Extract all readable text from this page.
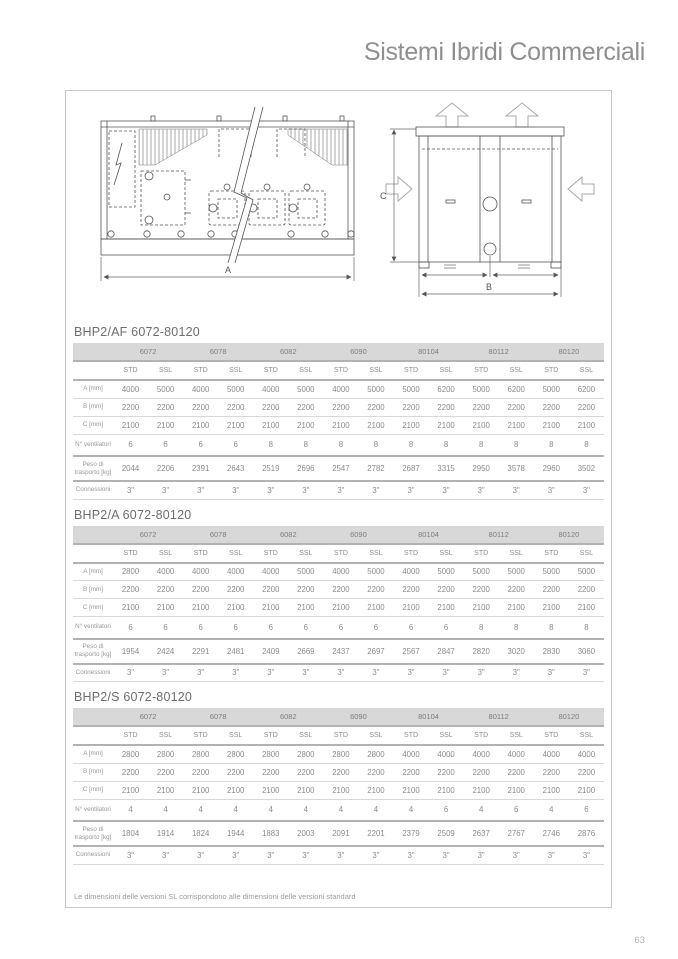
Sistemi Ibridi Commerciali
A
C
B
BHP2/AF 6072-80120
	6072		6078		6082		6090		80104		80112		80120	
	STD	SSL	STD	SSL	STD	SSL	STD	SSL	STD	SSL	STD	SSL	STD	SSL
A [mm]	4000	5000	4000	5000	4000	5000	4000	5000	5000	6200	5000	6200	5000	6200
B [mm]	2200	2200	2200	2200	2200	2200	2200	2200	2200	2200	2200	2200	2200	2200
C [mm]	2100	2100	2100	2100	2100	2100	2100	2100	2100	2100	2100	2100	2100	2100
N° ventilatori	6	6	6	6	8	8	8	8	8	8	8	8	8	8
Peso di trasporto [kg]	2044	2206	2391	2643	2519	2696	2547	2782	2687	3315	2950	3578	2960	3502
Connessioni	3"	3"	3"	3"	3"	3"	3"	3"	3"	3"	3"	3"	3"	3"
BHP2/A 6072-80120
	6072		6078		6082		6090		80104		80112		80120	
	STD	SSL	STD	SSL	STD	SSL	STD	SSL	STD	SSL	STD	SSL	STD	SSL
A [mm]	2800	4000	4000	4000	4000	5000	4000	5000	4000	5000	5000	5000	5000	5000
B [mm]	2200	2200	2200	2200	2200	2200	2200	2200	2200	2200	2200	2200	2200	2200
C [mm]	2100	2100	2100	2100	2100	2100	2100	2100	2100	2100	2100	2100	2100	2100
N° ventilatori	6	6	6	6	6	6	6	6	6	6	8	8	8	8
Peso di trasporto [kg]	1954	2424	2291	2481	2409	2669	2437	2697	2567	2847	2820	3020	2830	3060
Connessioni	3"	3"	3"	3"	3"	3"	3"	3"	3"	3"	3"	3"	3"	3"
BHP2/S 6072-80120
	6072		6078		6082		6090		80104		80112		80120	
	STD	SSL	STD	SSL	STD	SSL	STD	SSL	STD	SSL	STD	SSL	STD	SSL
A [mm]	2800	2800	2800	2800	2800	2800	2800	2800	4000	4000	4000	4000	4000	4000
B [mm]	2200	2200	2200	2200	2200	2200	2200	2200	2200	2200	2200	2200	2200	2200
C [mm]	2100	2100	2100	2100	2100	2100	2100	2100	2100	2100	2100	2100	2100	2100
N° ventilatori	4	4	4	4	4	4	4	4	4	6	4	6	4	6
Peso di trasporto [kg]	1804	1914	1824	1944	1883	2003	2091	2201	2379	2509	2637	2767	2746	2876
Connessioni	3"	3"	3"	3"	3"	3"	3"	3"	3"	3"	3"	3"	3"	3"

Le dimensioni delle versioni SL corrispondono alle dimensioni delle versioni standard

63
